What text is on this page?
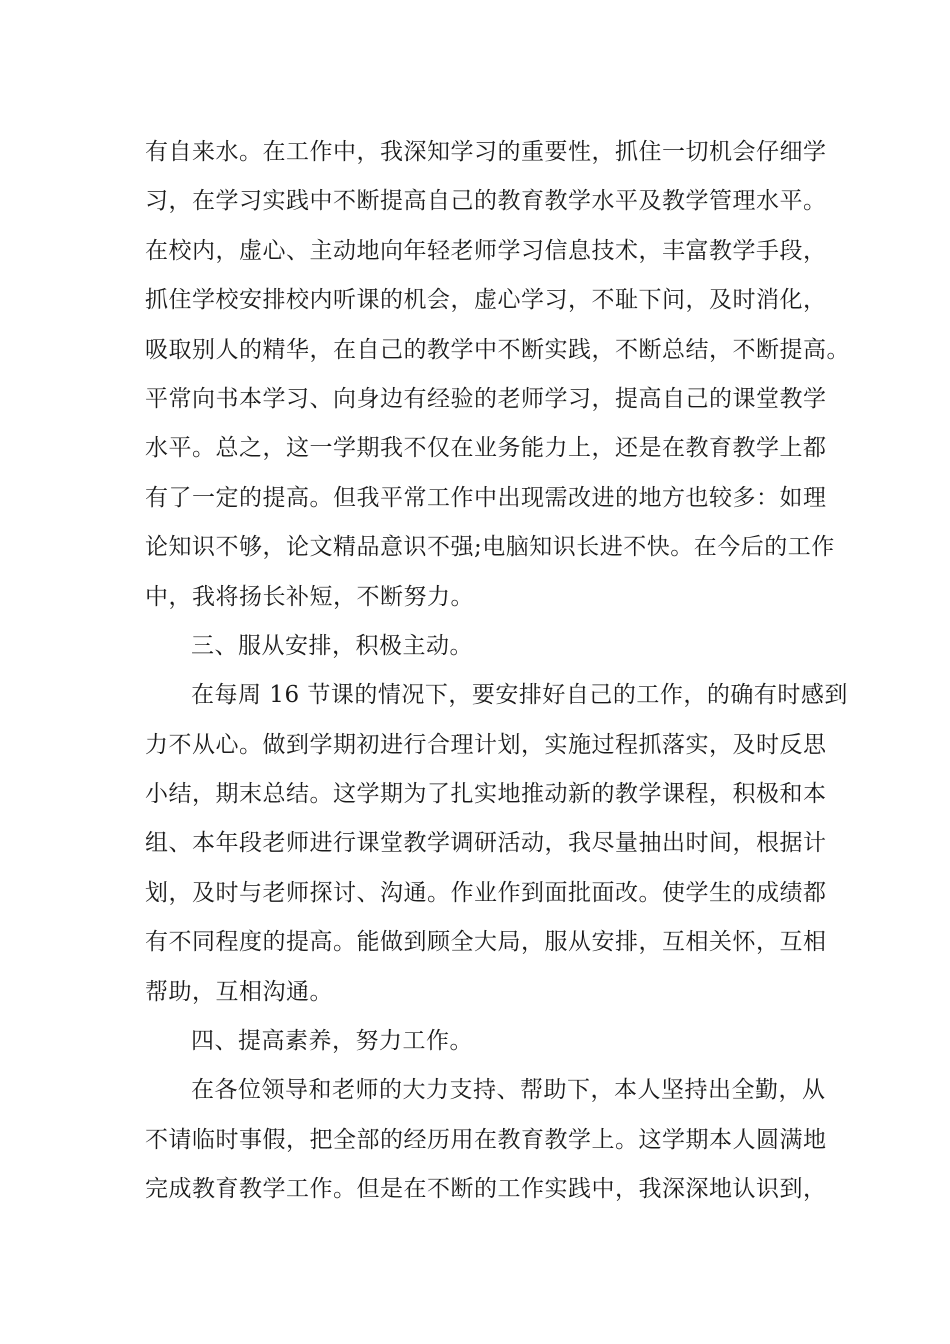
有自来水。在工作中，我深知学习的重要性，抓住一切机会仔细学
习，在学习实践中不断提高自己的教育教学水平及教学管理水平。
在校内，虚心、主动地向年轻老师学习信息技术，丰富教学手段，
抓住学校安排校内听课的机会，虚心学习，不耻下问，及时消化，
吸取别人的精华，在自己的教学中不断实践，不断总结，不断提高。
平常向书本学习、向身边有经验的老师学习，提高自己的课堂教学
水平。总之，这一学期我不仅在业务能力上，还是在教育教学上都
有了一定的提高。但我平常工作中出现需改进的地方也较多：如理
论知识不够，论文精品意识不强;电脑知识长进不快。在今后的工作
中，我将扬长补短，不断努力。
三、服从安排，积极主动。
在每周 16 节课的情况下，要安排好自己的工作，的确有时感到
力不从心。做到学期初进行合理计划，实施过程抓落实，及时反思
小结，期末总结。这学期为了扎实地推动新的教学课程，积极和本
组、本年段老师进行课堂教学调研活动，我尽量抽出时间，根据计
划，及时与老师探讨、沟通。作业作到面批面改。使学生的成绩都
有不同程度的提高。能做到顾全大局，服从安排，互相关怀，互相
帮助，互相沟通。
四、提高素养，努力工作。
在各位领导和老师的大力支持、帮助下，本人坚持出全勤，从
不请临时事假，把全部的经历用在教育教学上。这学期本人圆满地
完成教育教学工作。但是在不断的工作实践中，我深深地认识到，
